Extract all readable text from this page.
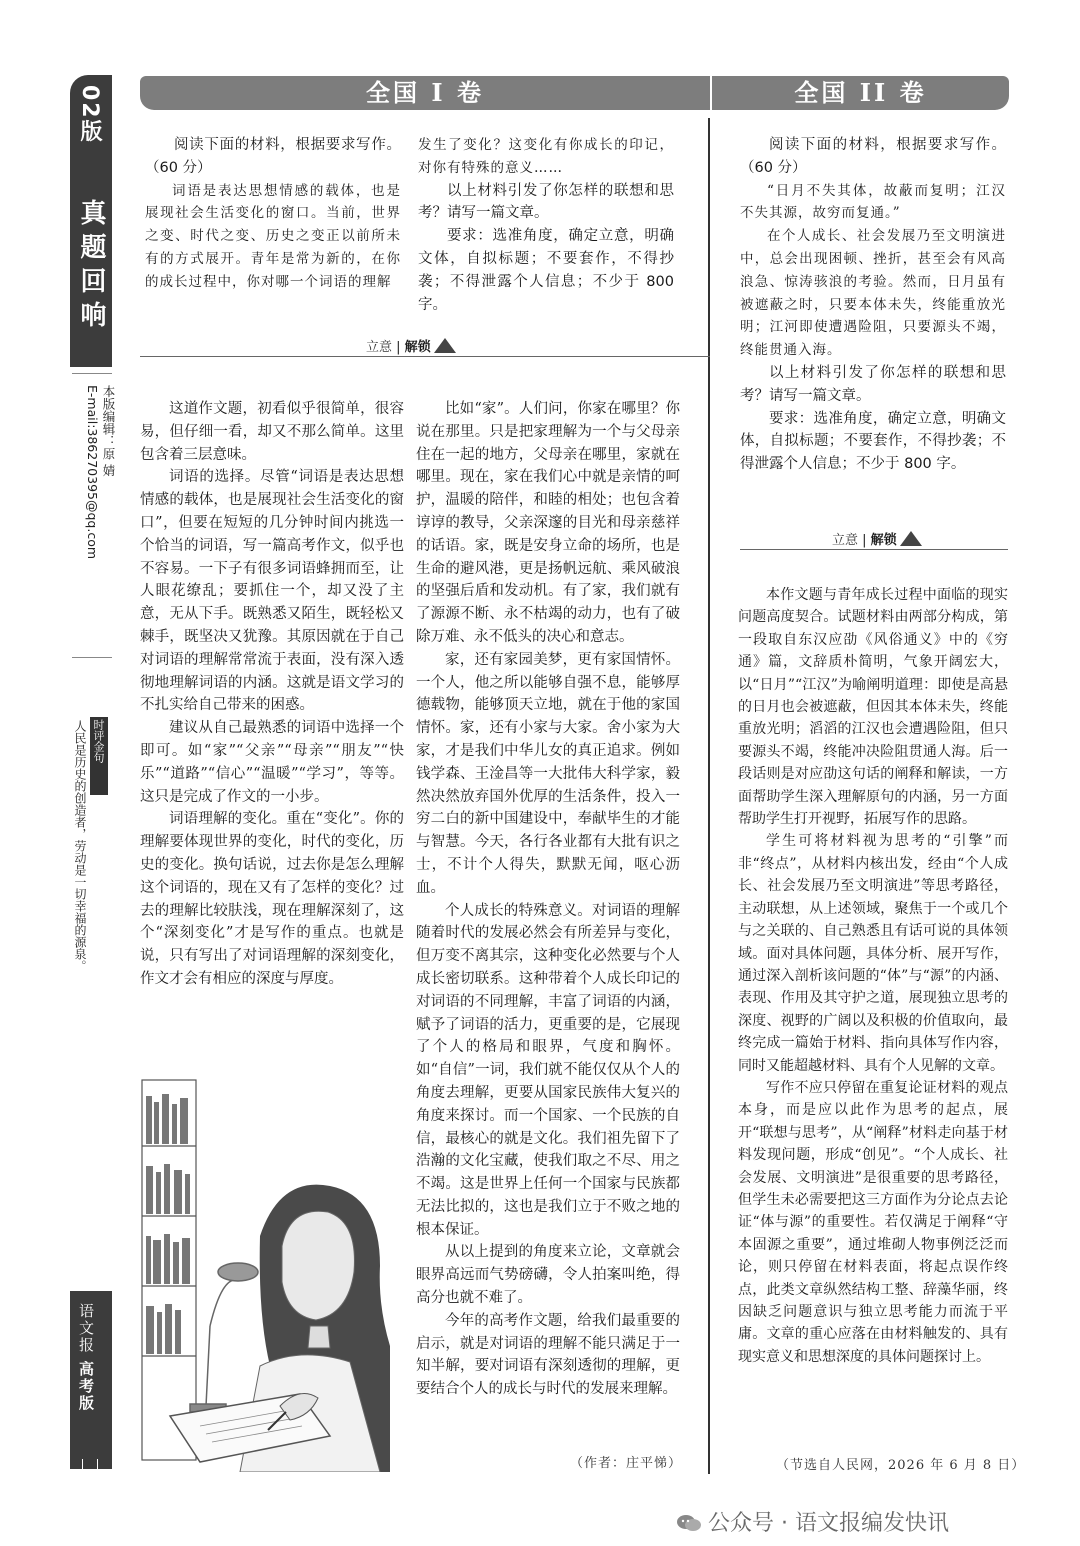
02版
真题回响
本版编辑：原 婧
E-mail:386270395@qq.com
时评金句
人民是历史的创造者，劳动是一切幸福的源泉。
语文报 高考版
全国 I 卷	全国 II 卷

阅读下面的材料，根据要求写作。（60 分）

词语是表达思想情感的载体，也是展现社会生活变化的窗口。当前，世界之变、时代之变、历史之变正以前所未有的方式展开。青年是常为新的，在你的成长过程中，你对哪一个词语的理解

发生了变化？这变化有你成长的印记，对你有特殊的意义……

以上材料引发了你怎样的联想和思考？请写一篇文章。

要求：选准角度，确定立意，明确文体，自拟标题；不要套作，不得抄袭；不得泄露个人信息；不少于 800 字。

立意 | 解锁

这道作文题，初看似乎很简单，很容易，但仔细一看，却又不那么简单。这里包含着三层意味。

词语的选择。尽管“词语是表达思想情感的载体，也是展现社会生活变化的窗口”，但要在短短的几分钟时间内挑选一个恰当的词语，写一篇高考作文，似乎也不容易。一下子有很多词语蜂拥而至，让人眼花缭乱；要抓住一个，却又没了主意，无从下手。既熟悉又陌生，既轻松又棘手，既坚决又犹豫。其原因就在于自己对词语的理解常常流于表面，没有深入透彻地理解词语的内涵。这就是语文学习的不扎实给自己带来的困惑。

建议从自己最熟悉的词语中选择一个即可。如“家”“父亲”“母亲”“朋友”“快乐”“道路”“信心”“温暖”“学习”，等等。这只是完成了作文的一小步。

词语理解的变化。重在“变化”。你的理解要体现世界的变化，时代的变化，历史的变化。换句话说，过去你是怎么理解这个词语的，现在又有了怎样的变化？过去的理解比较肤浅，现在理解深刻了，这个“深刻变化”才是写作的重点。也就是说，只有写出了对词语理解的深刻变化，作文才会有相应的深度与厚度。

比如“家”。人们问，你家在哪里？你说在那里。只是把家理解为一个与父母亲住在一起的地方，父母亲在哪里，家就在哪里。现在，家在我们心中就是亲情的呵护，温暖的陪伴，和睦的相处；也包含着谆谆的教导，父亲深邃的目光和母亲慈祥的话语。家，既是安身立命的场所，也是生命的避风港，更是扬帆远航、乘风破浪的坚强后盾和发动机。有了家，我们就有了源源不断、永不枯竭的动力，也有了破除万难、永不低头的决心和意志。

家，还有家园美梦，更有家国情怀。一个人，他之所以能够自强不息，能够厚德载物，能够顶天立地，就在于他的家国情怀。家，还有小家与大家。舍小家为大家，才是我们中华儿女的真正追求。例如钱学森、王淦昌等一大批伟大科学家，毅然决然放弃国外优厚的生活条件，投入一穷二白的新中国建设中，奉献毕生的才能与智慧。今天，各行各业都有大批有识之士，不计个人得失，默默无闻，呕心沥血。

个人成长的特殊意义。对词语的理解随着时代的发展必然会有所差异与变化，但万变不离其宗，这种变化必然要与个人成长密切联系。这种带着个人成长印记的对词语的不同理解，丰富了词语的内涵，赋予了词语的活力，更重要的是，它展现了个人的格局和眼界，气度和胸怀。如“自信”一词，我们就不能仅仅从个人的角度去理解，更要从国家民族伟大复兴的角度来探讨。而一个国家、一个民族的自信，最核心的就是文化。我们祖先留下了浩瀚的文化宝藏，使我们取之不尽、用之不竭。这是世界上任何一个国家与民族都无法比拟的，这也是我们立于不败之地的根本保证。

从以上提到的角度来立论，文章就会眼界高远而气势磅礴，令人拍案叫绝，得高分也就不难了。

今年的高考作文题，给我们最重要的启示，就是对词语的理解不能只满足于一知半解，要对词语有深刻透彻的理解，更要结合个人的成长与时代的发展来理解。

（作者：庄平悌）

阅读下面的材料，根据要求写作。（60 分）

“日月不失其体，故蔽而复明；江汉不失其源，故穷而复通。”

在个人成长、社会发展乃至文明演进中，总会出现困顿、挫折，甚至会有风高浪急、惊涛骇浪的考验。然而，日月虽有被遮蔽之时，只要本体未失，终能重放光明；江河即使遭遇险阻，只要源头不竭，终能贯通入海。

以上材料引发了你怎样的联想和思考？请写一篇文章。

要求：选准角度，确定立意，明确文体，自拟标题；不要套作，不得抄袭；不得泄露个人信息；不少于 800 字。

立意 | 解锁

本作文题与青年成长过程中面临的现实问题高度契合。试题材料由两部分构成，第一段取自东汉应劭《风俗通义》中的《穷通》篇，文辞质朴简明，气象开阔宏大，以“日月”“江汉”为喻阐明道理：即使是高悬的日月也会被遮蔽，但因其本体未失，终能重放光明；滔滔的江汉也会遭遇险阻，但只要源头不竭，终能冲决险阻贯通人海。后一段话则是对应劭这句话的阐释和解读，一方面帮助学生深入理解原句的内涵，另一方面帮助学生打开视野，拓展写作的思路。

学生可将材料视为思考的“引擎”而非“终点”，从材料内核出发，经由“个人成长、社会发展乃至文明演进”等思考路径，主动联想，从上述领域，聚焦于一个或几个与之关联的、自己熟悉且有话可说的具体领域。面对具体问题，具体分析、展开写作，通过深入剖析该问题的“体”与“源”的内涵、表现、作用及其守护之道，展现独立思考的深度、视野的广阔以及积极的价值取向，最终完成一篇始于材料、指向具体写作内容，同时又能超越材料、具有个人见解的文章。

写作不应只停留在重复论证材料的观点本身，而是应以此作为思考的起点，展开“联想与思考”，从“阐释”材料走向基于材料发现问题，形成“创见”。“个人成长、社会发展、文明演进”是很重要的思考路径，但学生未必需要把这三方面作为分论点去论证“体与源”的重要性。若仅满足于阐释“守本固源之重要”，通过堆砌人物事例泛泛而论，则只停留在材料表面，将起点误作终点，此类文章纵然结构工整、辞藻华丽，终因缺乏问题意识与独立思考能力而流于平庸。文章的重心应落在由材料触发的、具有现实意义和思想深度的具体问题探讨上。

（节选自人民网，2026 年 6 月 8 日）
公众号 · 语文报编发快讯
